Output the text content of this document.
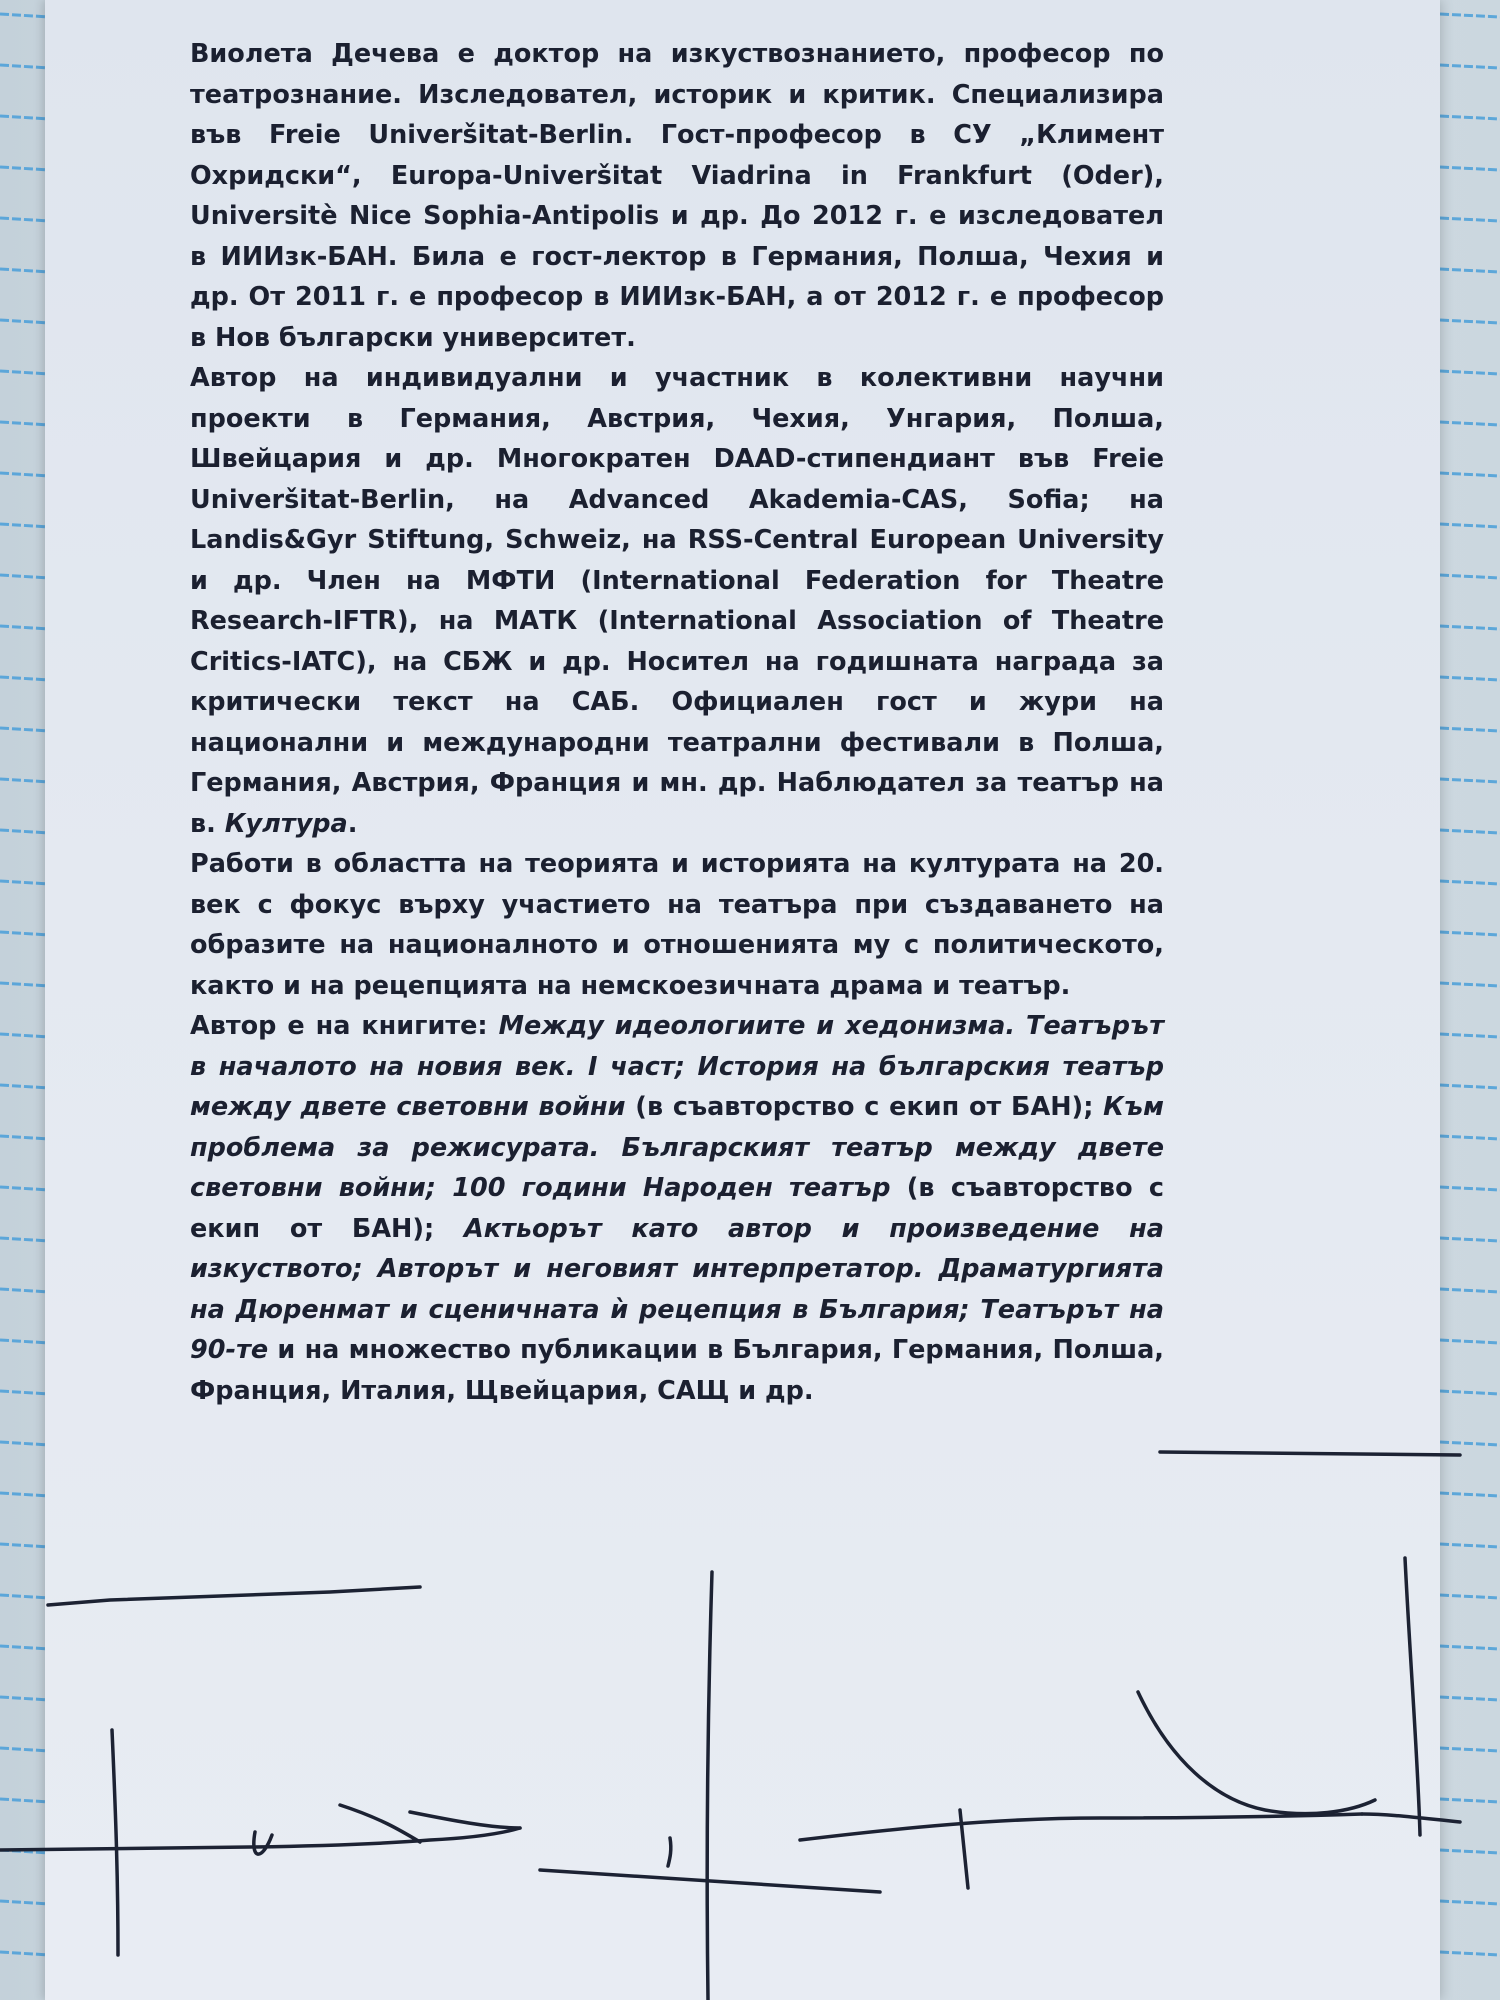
Виолета Дечева е доктор на изкуствознанието, професор по театрознание. Изследовател, историк и критик. Специализира във Freie Univeršitat-Berlin. Гост-професор в СУ „Климент Охридски“, Europa-Univeršitat Viadrina in Frankfurt (Oder), Universitè Nice Sophia-Antipolis и др. До 2012 г. е изследовател в ИИИзк-БАН. Била е гост-лектор в Германия, Полша, Чехия и др. От 2011 г. е професор в ИИИзк-БАН, а от 2012 г. е професор в Нов български университет.

Автор на индивидуални и участник в колективни научни проекти в Германия, Австрия, Чехия, Унгария, Полша, Швейцария и др. Многократен DAAD-стипендиант във Freie Univeršitat-Berlin, на Advanced Akademia-CAS, Sofia; на Landis&Gyr Stiftung, Schweiz, на RSS-Central European University и др. Член на МФТИ (International Federation for Theatre Research-IFTR), на МАТК (International Association of Theatre Critics-IATC), на СБЖ и др. Носител на годишната награда за критически текст на САБ. Официален гост и жури на национални и международни театрални фестивали в Полша, Германия, Австрия, Франция и мн. др. Наблюдател за театър на в. Култура.

Работи в областта на теорията и историята на културата на 20. век с фокус върху участието на театъра при създаването на образите на националното и отношенията му с политическото, както и на рецепцията на немскоезичната драма и театър.

Автор е на книгите: Между идеологиите и хедонизма. Театърът в началото на новия век. I част; История на българския театър между двете световни войни (в съавторство с екип от БАН); Към проблема за режисурата. Българският театър между двете световни войни; 100 години Народен театър (в съавторство с екип от БАН); Актьорът като автор и произведение на изкуството; Авторът и неговият интерпретатор. Драматургията на Дюренмат и сценичната ѝ рецепция в България; Театърът на 90-те и на множество публикации в България, Германия, Полша, Франция, Италия, Щвейцария, САЩ и др.
